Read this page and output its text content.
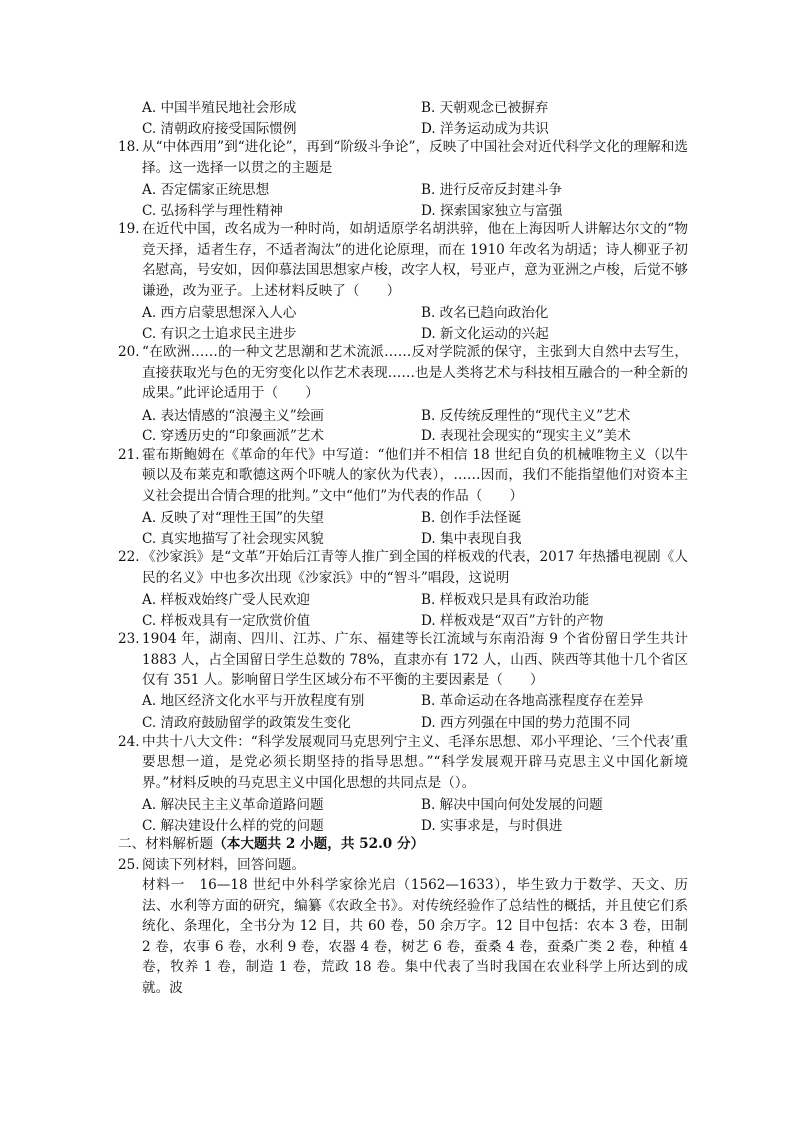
A. 中国半殖民地社会形成	B. 天朝观念已被摒弃
C. 清朝政府接受国际惯例	D. 洋务运动成为共识
18. 从“中体西用”到“进化论”，再到“阶级斗争论”，反映了中国社会对近代科学文化的理解和选择。这一选择一以贯之的主题是
A. 否定儒家正统思想	B. 进行反帝反封建斗争
C. 弘扬科学与理性精神	D. 探索国家独立与富强
19. 在近代中国，改名成为一种时尚，如胡适原学名胡洪骍，他在上海因听人讲解达尔文的“物竞天择，适者生存，不适者淘汰”的进化论原理，而在 1910 年改名为胡适；诗人柳亚子初名慰高，号安如，因仰慕法国思想家卢梭，改字人权，号亚卢，意为亚洲之卢梭，后觉不够谦逊，改为亚子。上述材料反映了（　　）
A. 西方启蒙思想深入人心	B. 改名已趋向政治化
C. 有识之士追求民主进步	D. 新文化运动的兴起
20. “在欧洲……的一种文艺思潮和艺术流派……反对学院派的保守，主张到大自然中去写生，直接获取光与色的无穷变化以作艺术表现……也是人类将艺术与科技相互融合的一种全新的成果。”此评论适用于（　　）
A. 表达情感的“浪漫主义”绘画	B. 反传统反理性的“现代主义”艺术
C. 穿透历史的“印象画派”艺术	D. 表现社会现实的“现实主义”美术
21. 霍布斯鲍姆在《革命的年代》中写道：“他们并不相信 18 世纪自负的机械唯物主义（以牛顿以及布莱克和歌德这两个吓唬人的家伙为代表），……因而，我们不能指望他们对资本主义社会提出合情合理的批判。”文中“他们”为代表的作品（　　）
A. 反映了对“理性王国”的失望	B. 创作手法怪诞
C. 真实地描写了社会现实风貌	D. 集中表现自我
22. 《沙家浜》是“文革”开始后江青等人推广到全国的样板戏的代表，2017 年热播电视剧《人民的名义》中也多次出现《沙家浜》中的“智斗”唱段，这说明
A. 样板戏始终广受人民欢迎	B. 样板戏只是具有政治功能
C. 样板戏具有一定欣赏价值	D. 样板戏是“双百”方针的产物
23. 1904 年，湖南、四川、江苏、广东、福建等长江流域与东南沿海 9 个省份留日学生共计 1883 人，占全国留日学生总数的 78%，直隶亦有 172 人，山西、陕西等其他十几个省区仅有 351 人。影响留日学生区域分布不平衡的主要因素是（　　）
A. 地区经济文化水平与开放程度有别	B. 革命运动在各地高涨程度存在差异
C. 清政府鼓励留学的政策发生变化	D. 西方列强在中国的势力范围不同
24. 中共十八大文件：“科学发展观同马克思列宁主义、毛泽东思想、邓小平理论、‘三个代表’重要思想一道，是党必须长期坚持的指导思想。”“科学发展观开辟马克思主义中国化新境界。”材料反映的马克思主义中国化思想的共同点是（）。
A. 解决民主主义革命道路问题	B. 解决中国向何处发展的问题
C. 解决建设什么样的党的问题	D. 实事求是，与时俱进
二、材料解析题（本大题共 2 小题，共 52.0 分）
25. 阅读下列材料，回答问题。
材料一　16—18 世纪中外科学家徐光启（1562—1633），毕生致力于数学、天文、历法、水利等方面的研究，编纂《农政全书》。对传统经验作了总结性的概括，并且使它们系统化、条理化，全书分为 12 目，共 60 卷，50 余万字。12 目中包括：农本 3 卷，田制 2 卷，农事 6 卷，水利 9 卷，农器 4 卷，树艺 6 卷，蚕桑 4 卷，蚕桑广类 2 卷，种植 4 卷，牧养 1 卷，制造 1 卷，荒政 18 卷。集中代表了当时我国在农业科学上所达到的成就。波
